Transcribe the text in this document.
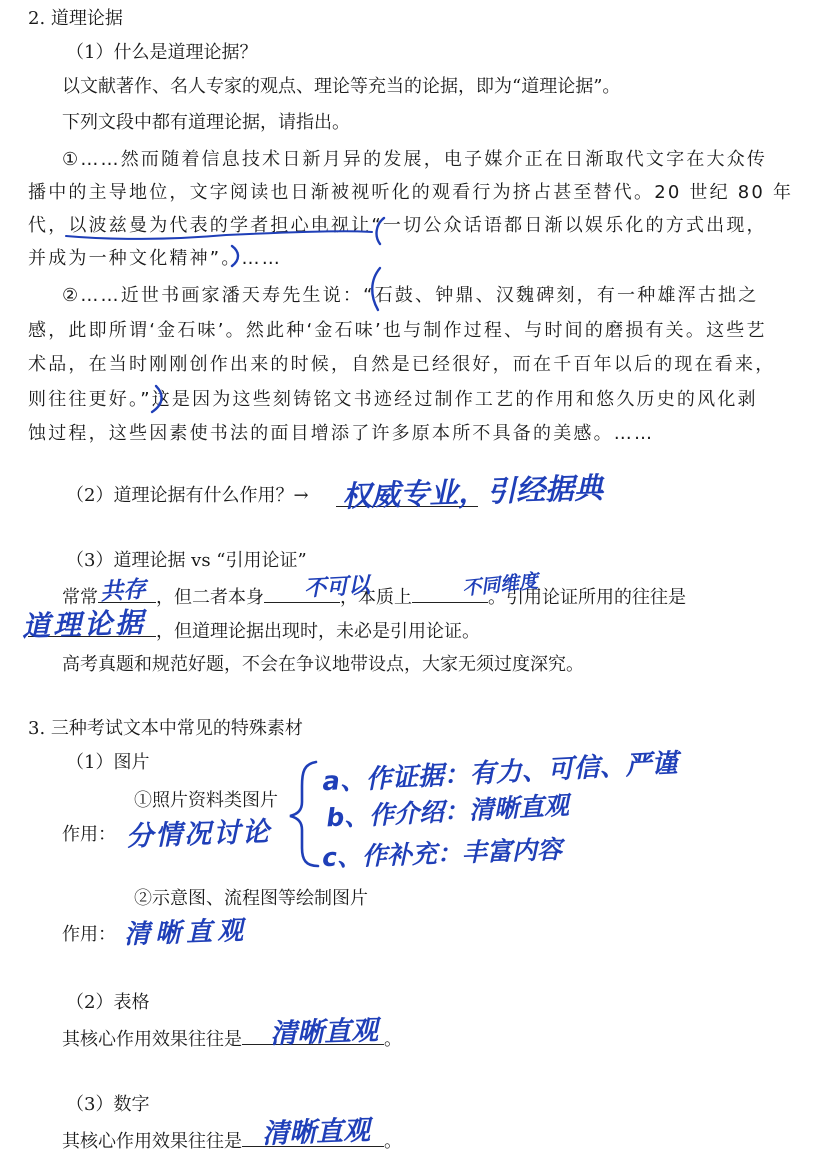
2. 道理论据
（1）什么是道理论据？
以文献著作、名人专家的观点、理论等充当的论据，即为“道理论据”。
下列文段中都有道理论据，请指出。
①……然而随着信息技术日新月异的发展，电子媒介正在日渐取代文字在大众传
播中的主导地位，文字阅读也日渐被视听化的观看行为挤占甚至替代。20 世纪 80 年
代，以波兹曼为代表的学者担心电视让“一切公众话语都日渐以娱乐化的方式出现，
并成为一种文化精神”。……
②……近世书画家潘天寿先生说：“石鼓、钟鼎、汉魏碑刻，有一种雄浑古拙之
感，此即所谓‘金石味’。然此种‘金石味’也与制作过程、与时间的磨损有关。这些艺
术品，在当时刚刚创作出来的时候，自然是已经很好，而在千百年以后的现在看来，
则往往更好。”这是因为这些刻铸铭文书迹经过制作工艺的作用和悠久历史的风化剥
蚀过程，这些因素使书法的面目增添了许多原本所不具备的美感。……
（2）道理论据有什么作用？→ 权威专业，引经据典
（3）道理论据 vs “引用论证”
常常	，但二者本身	，本质上	。引用论证所用的往往是
共存	不可以	不同维度
，但道理论据出现时，未必是引用论证。
道理论据
高考真题和规范好题，不会在争议地带设点，大家无须过度深究。
3. 三种考试文本中常见的特殊素材
（1）图片
①照片资料类图片
作用： 分情况讨论
a、作证据：有力、可信、严谨
b、作介绍：清晰直观
c、作补充：丰富内容
②示意图、流程图等绘制图片
作用： 清晰直观
（2）表格
其核心作用效果往往是	。
清晰直观
（3）数字
其核心作用效果往往是	。
清晰直观
